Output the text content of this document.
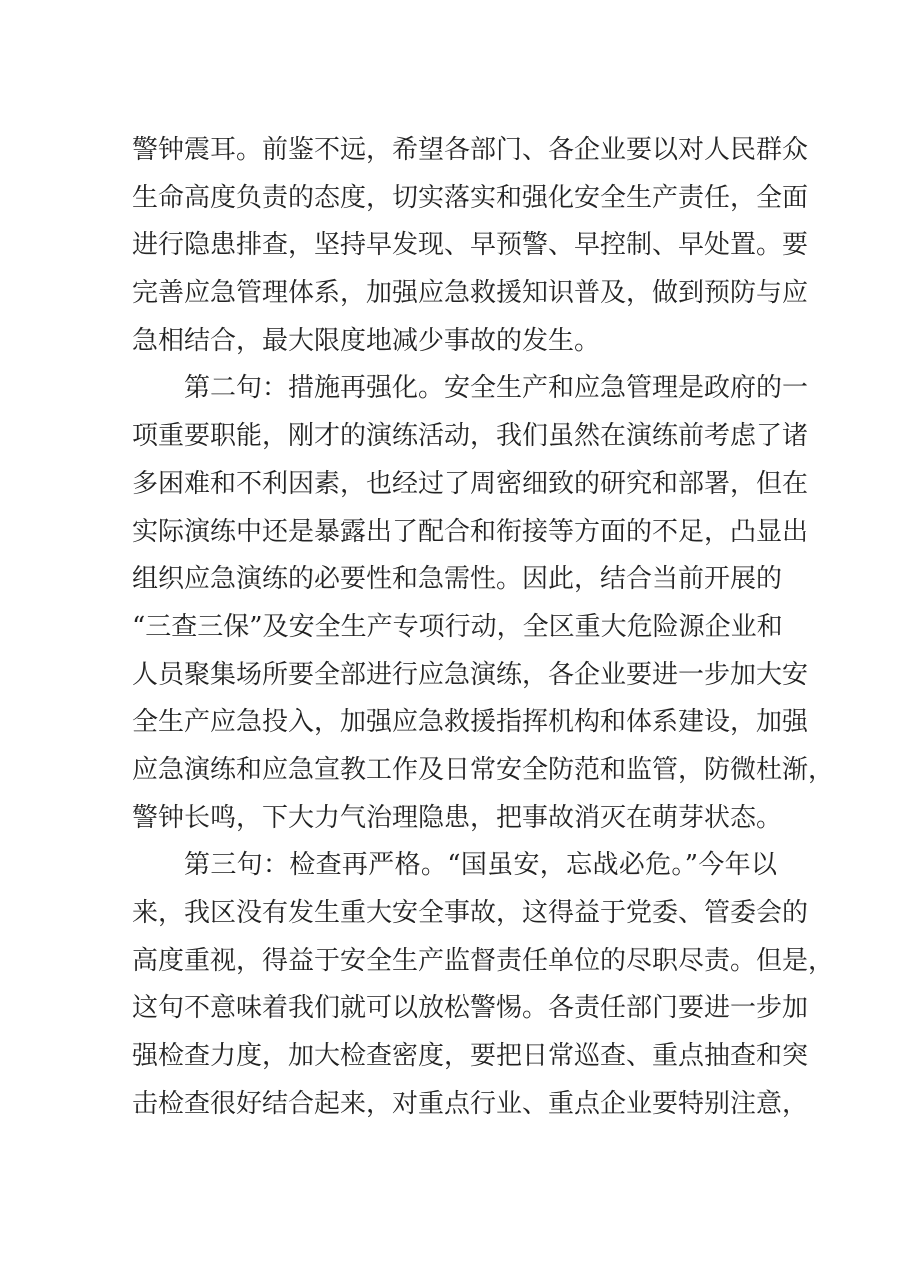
警钟震耳。前鉴不远，希望各部门、各企业要以对人民群众
生命高度负责的态度，切实落实和强化安全生产责任，全面
进行隐患排查，坚持早发现、早预警、早控制、早处置。要
完善应急管理体系，加强应急救援知识普及，做到预防与应
急相结合，最大限度地减少事故的发生。
第二句：措施再强化。安全生产和应急管理是政府的一
项重要职能，刚才的演练活动，我们虽然在演练前考虑了诸
多困难和不利因素，也经过了周密细致的研究和部署，但在
实际演练中还是暴露出了配合和衔接等方面的不足，凸显出
组织应急演练的必要性和急需性。因此，结合当前开展的
“三查三保”及安全生产专项行动，全区重大危险源企业和
人员聚集场所要全部进行应急演练，各企业要进一步加大安
全生产应急投入，加强应急救援指挥机构和体系建设，加强
应急演练和应急宣教工作及日常安全防范和监管，防微杜渐，
警钟长鸣，下大力气治理隐患，把事故消灭在萌芽状态。
第三句：检查再严格。“国虽安，忘战必危。”今年以
来，我区没有发生重大安全事故，这得益于党委、管委会的
高度重视，得益于安全生产监督责任单位的尽职尽责。但是，
这句不意味着我们就可以放松警惕。各责任部门要进一步加
强检查力度，加大检查密度，要把日常巡查、重点抽查和突
击检查很好结合起来，对重点行业、重点企业要特别注意，
